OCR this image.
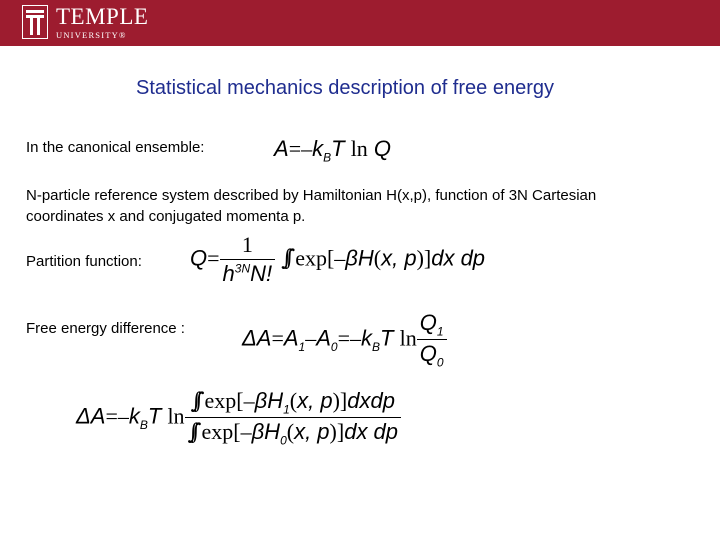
TEMPLE
UNIVERSITY®
Statistical mechanics description of free energy
In the canonical ensemble:	$A=-k_BT$ ln Q
N-particle reference system described by Hamiltonian H(x,p), function of 3N Cartesian coordinates x and conjugated momenta p.
Partition function: $Q= \frac{1}{h^{3N}N!}$ ∫∫ exp[–βH(x, p)]dx dp
Free energy difference :	$\Delta A=A_1-A_0=-k_BT$ $\ln \frac{Q_1}{Q_0}$
$\Delta A=-k_BT$ $\ln \frac{\int\int \exp[-\beta H_1(x, p)]dxdp}{\int\int \exp[-\beta H_0(x, p)]dx dp}$
